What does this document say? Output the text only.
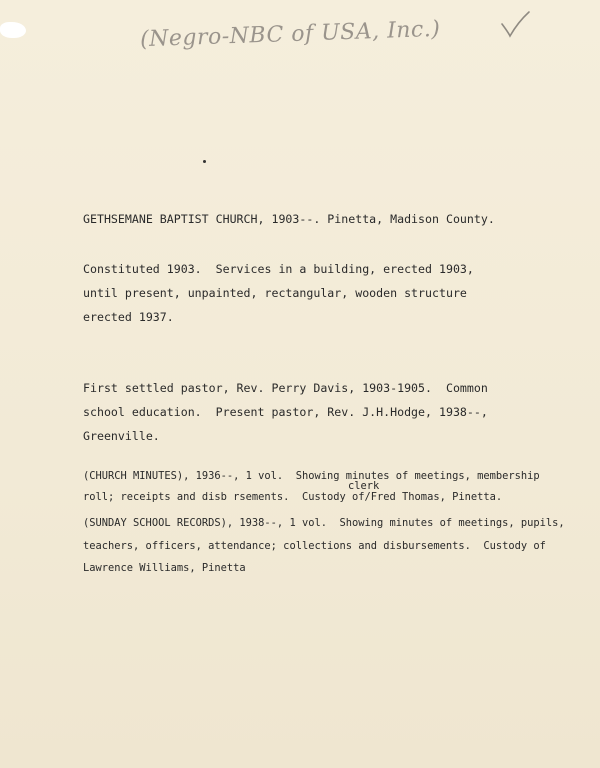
(Negro-NBC of USA, Inc.)
GETHSEMANE BAPTIST CHURCH, 1903--. Pinetta, Madison County.
Constituted 1903.  Services in a building, erected 1903,
until present, unpainted, rectangular, wooden structure
erected 1937.
First settled pastor, Rev. Perry Davis, 1903-1905.  Common
school education.  Present pastor, Rev. J.H.Hodge, 1938--,
Greenville.
(CHURCH MINUTES), 1936--, 1 vol.  Showing minutes of meetings, membership
clerk
roll; receipts and disb rsements.  Custody of/Fred Thomas, Pinetta.
(SUNDAY SCHOOL RECORDS), 1938--, 1 vol.  Showing minutes of meetings, pupils,
teachers, officers, attendance; collections and disbursements.  Custody of
Lawrence Williams, Pinetta
